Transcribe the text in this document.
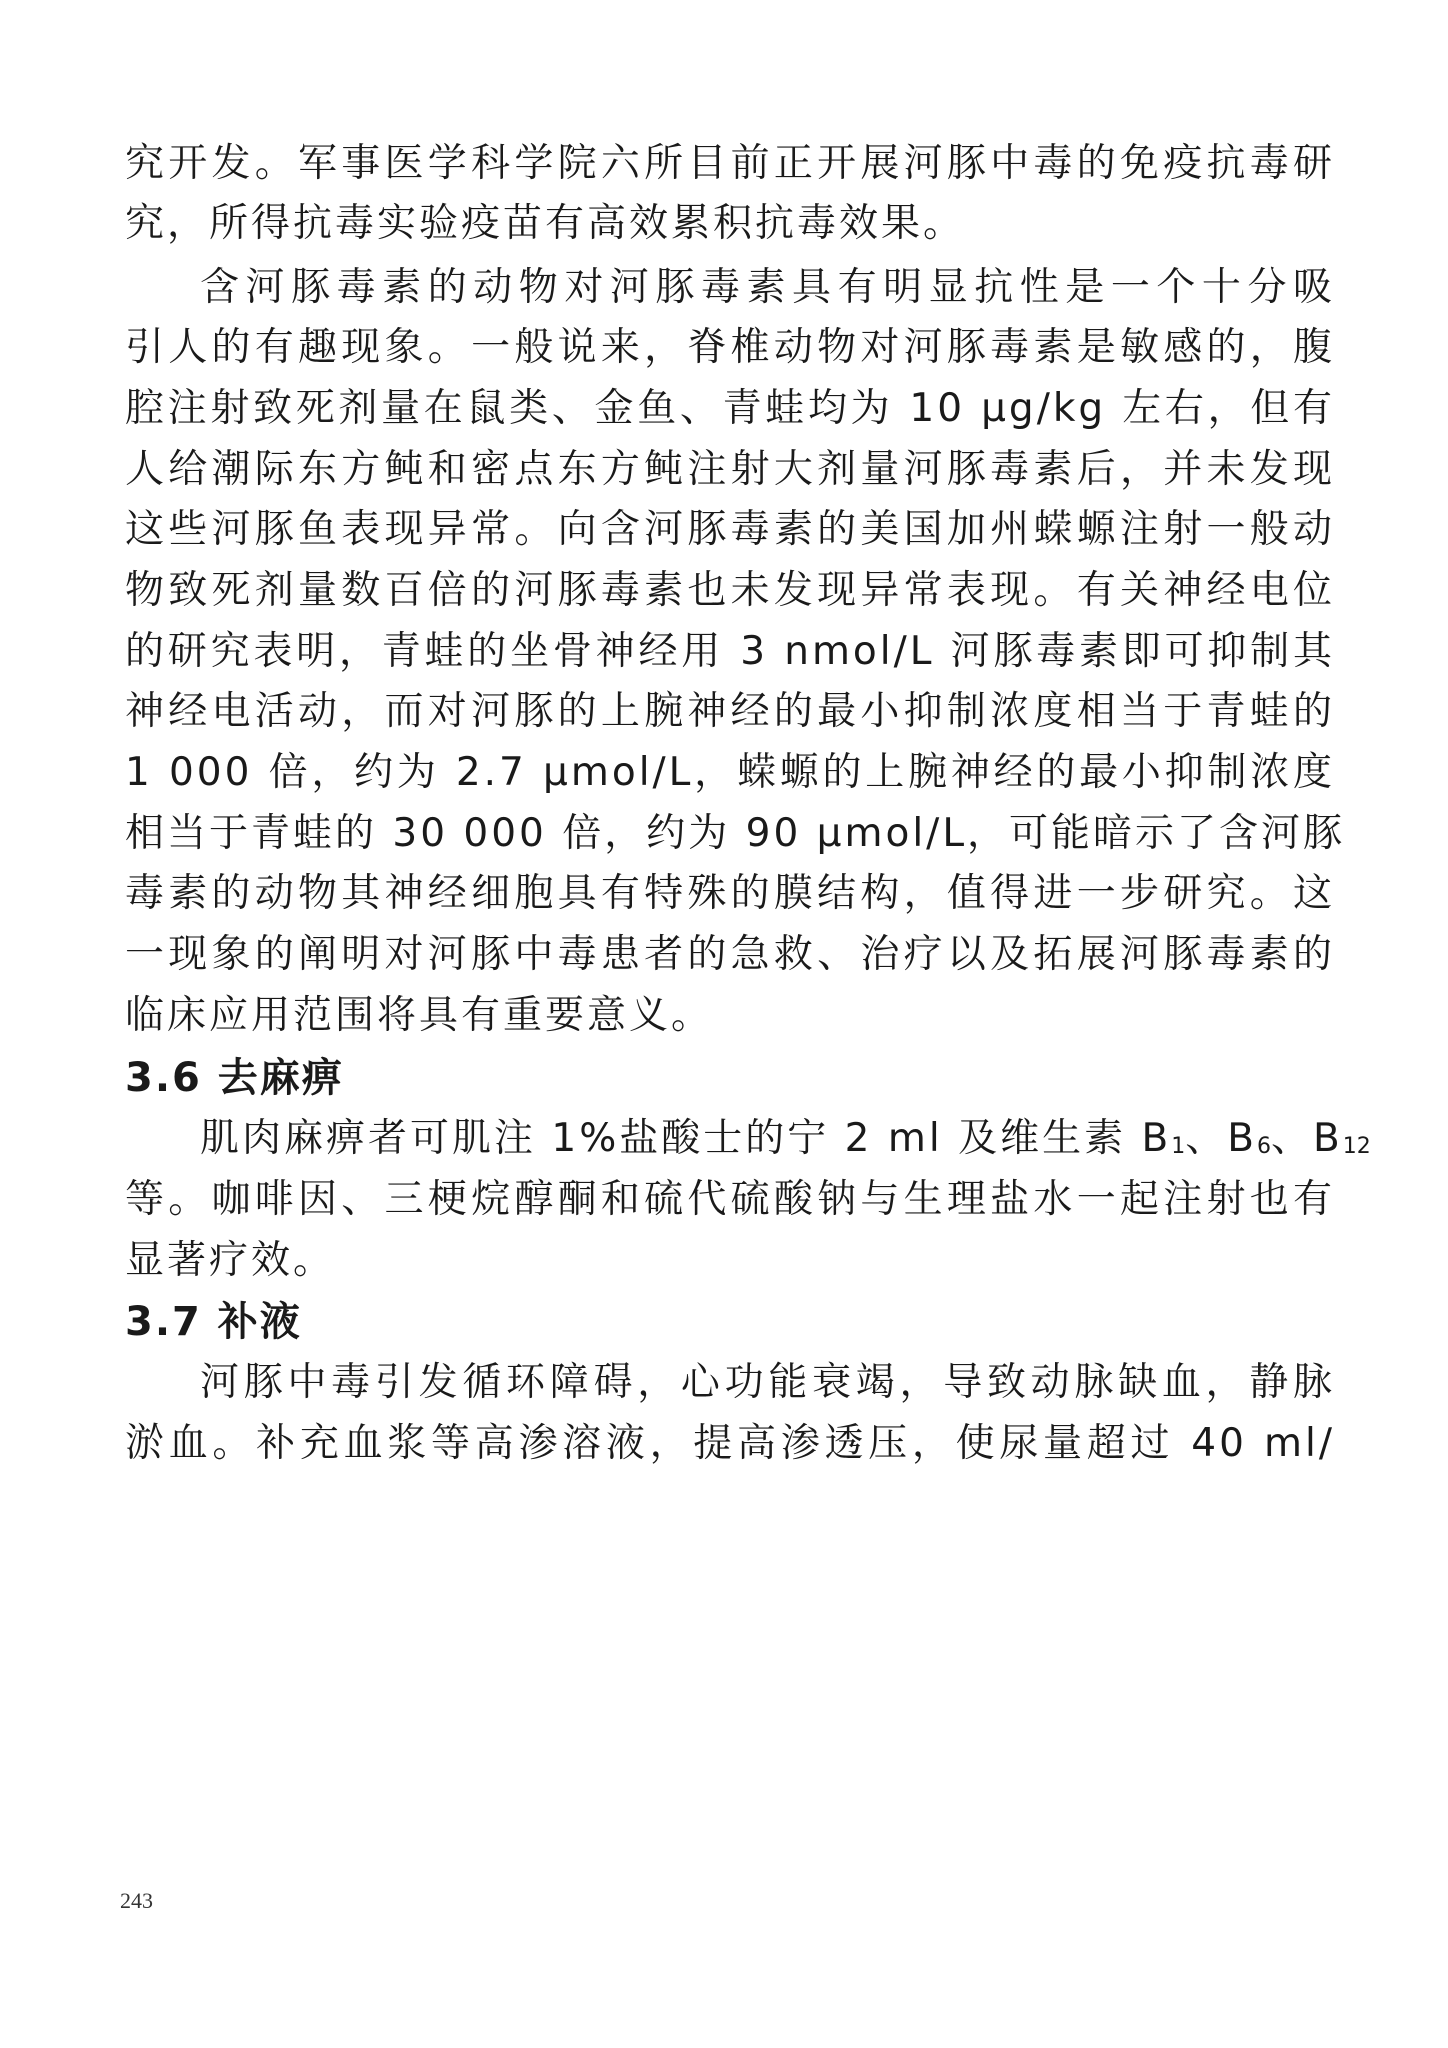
究开发。军事医学科学院六所目前正开展河豚中毒的免疫抗毒研
究，所得抗毒实验疫苗有高效累积抗毒效果。
含河豚毒素的动物对河豚毒素具有明显抗性是一个十分吸
引人的有趣现象。一般说来，脊椎动物对河豚毒素是敏感的，腹
腔注射致死剂量在鼠类、金鱼、青蛙均为 10 μg/kg 左右，但有
人给潮际东方鲀和密点东方鲀注射大剂量河豚毒素后，并未发现
这些河豚鱼表现异常。向含河豚毒素的美国加州蝾螈注射一般动
物致死剂量数百倍的河豚毒素也未发现异常表现。有关神经电位
的研究表明，青蛙的坐骨神经用 3 nmol/L 河豚毒素即可抑制其
神经电活动，而对河豚的上腕神经的最小抑制浓度相当于青蛙的
1 000 倍，约为 2.7 μmol/L，蝾螈的上腕神经的最小抑制浓度
相当于青蛙的 30 000 倍，约为 90 μmol/L，可能暗示了含河豚
毒素的动物其神经细胞具有特殊的膜结构，值得进一步研究。这
一现象的阐明对河豚中毒患者的急救、治疗以及拓展河豚毒素的
临床应用范围将具有重要意义。
3.6 去麻痹
肌肉麻痹者可肌注 1%盐酸士的宁 2 ml 及维生素 B1、B6、B12
等。咖啡因、三梗烷醇酮和硫代硫酸钠与生理盐水一起注射也有
显著疗效。
3.7 补液
河豚中毒引发循环障碍，心功能衰竭，导致动脉缺血，静脉
淤血。补充血浆等高渗溶液，提高渗透压，使尿量超过 40 ml/
243
